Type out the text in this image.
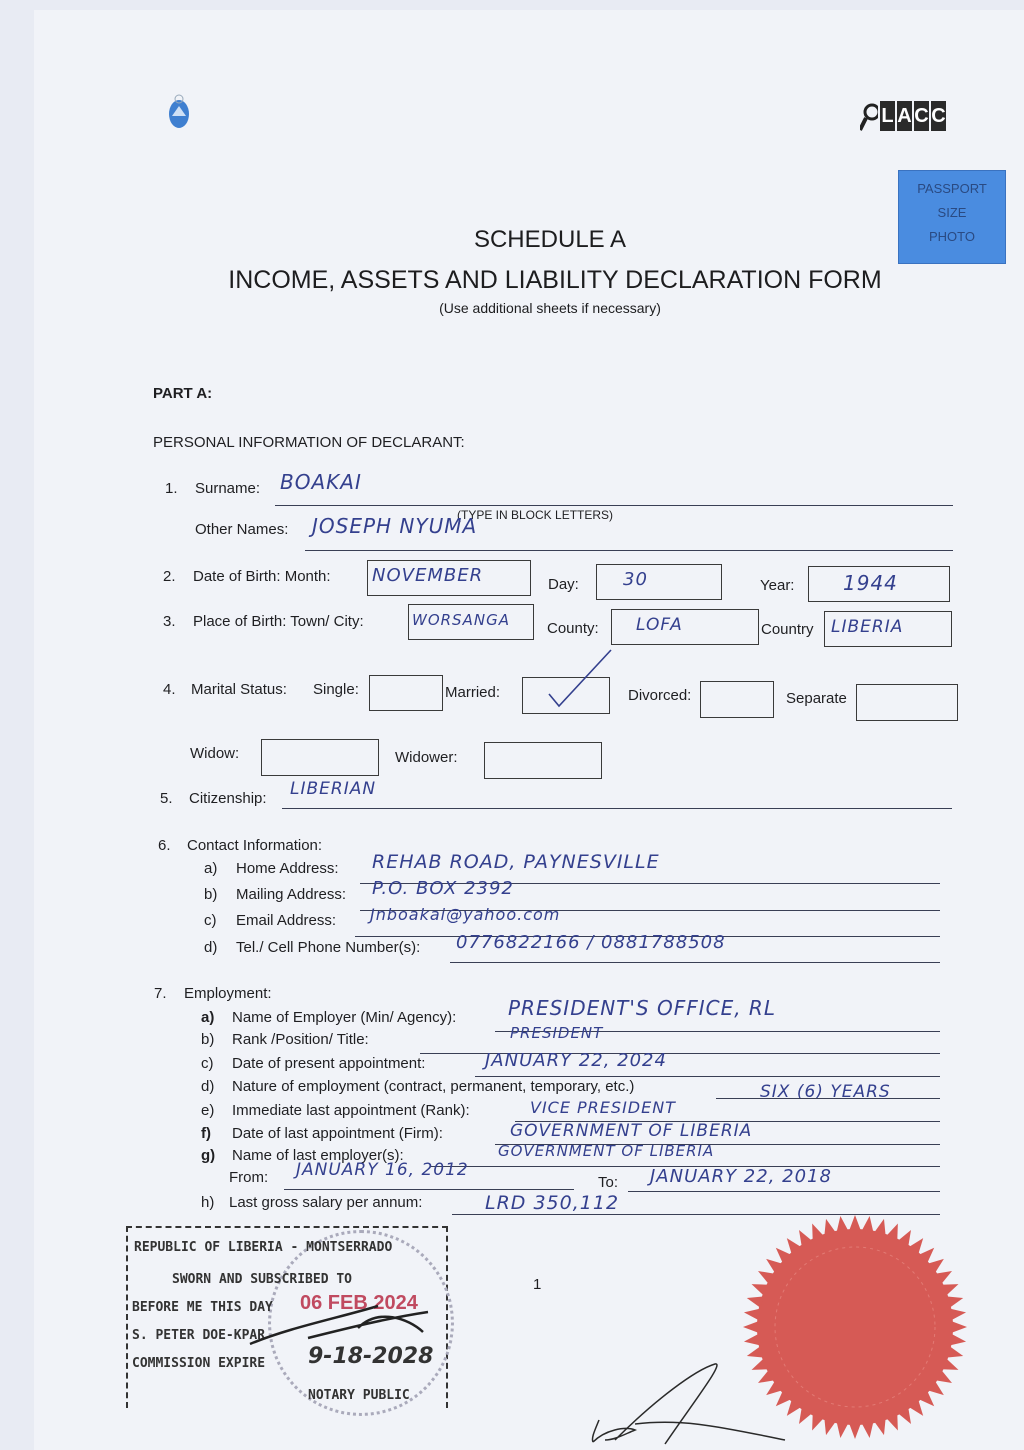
L A C C
PASSPORT
SIZE
PHOTO
SCHEDULE A
INCOME, ASSETS AND LIABILITY DECLARATION FORM
(Use additional sheets if necessary)
PART A:
PERSONAL INFORMATION OF DECLARANT:
1. Surname: BOAKAI
(TYPE IN BLOCK LETTERS)
Other Names: JOSEPH NYUMA
2. Date of Birth: Month: NOVEMBER	Day: 30	Year: 1944
3. Place of Birth: Town/ City:	WORSANGA County: LOFA	Country LIBERIA
4. Marital Status: Single:	Married:	Divorced:	Separate
Widow:	Widower:
5. Citizenship: LIBERIAN
6. Contact Information:
a) Home Address: REHAB ROAD, PAYNESVILLE
b) Mailing Address: P.O. BOX 2392
c) Email Address: Jnboakai@yahoo.com
d) Tel./ Cell Phone Number(s): 0776822166 / 0881788508
7. Employment:
a) Name of Employer (Min/ Agency):	PRESIDENT'S OFFICE, RL
b) Rank /Position/ Title:	PRESIDENT
c) Date of present appointment:	JANUARY 22, 2024
d) Nature of employment (contract, permanent, temporary, etc.)	SIX (6) YEARS
e) Immediate last appointment (Rank):	VICE PRESIDENT
f) Date of last appointment (Firm):	GOVERNMENT OF LIBERIA
g) Name of last employer(s):	GOVERNMENT OF LIBERIA
From: JANUARY 16, 2012
To: JANUARY 22, 2018
h) Last gross salary per annum:	LRD 350,112
REPUBLIC OF LIBERIA - MONTSERRADO
SWORN AND SUBSCRIBED TO
BEFORE ME THIS DAY 06 FEB 2024
S. PETER DOE-KPAR
COMMISSION EXPIRE 9-18-2028
NOTARY PUBLIC
1
